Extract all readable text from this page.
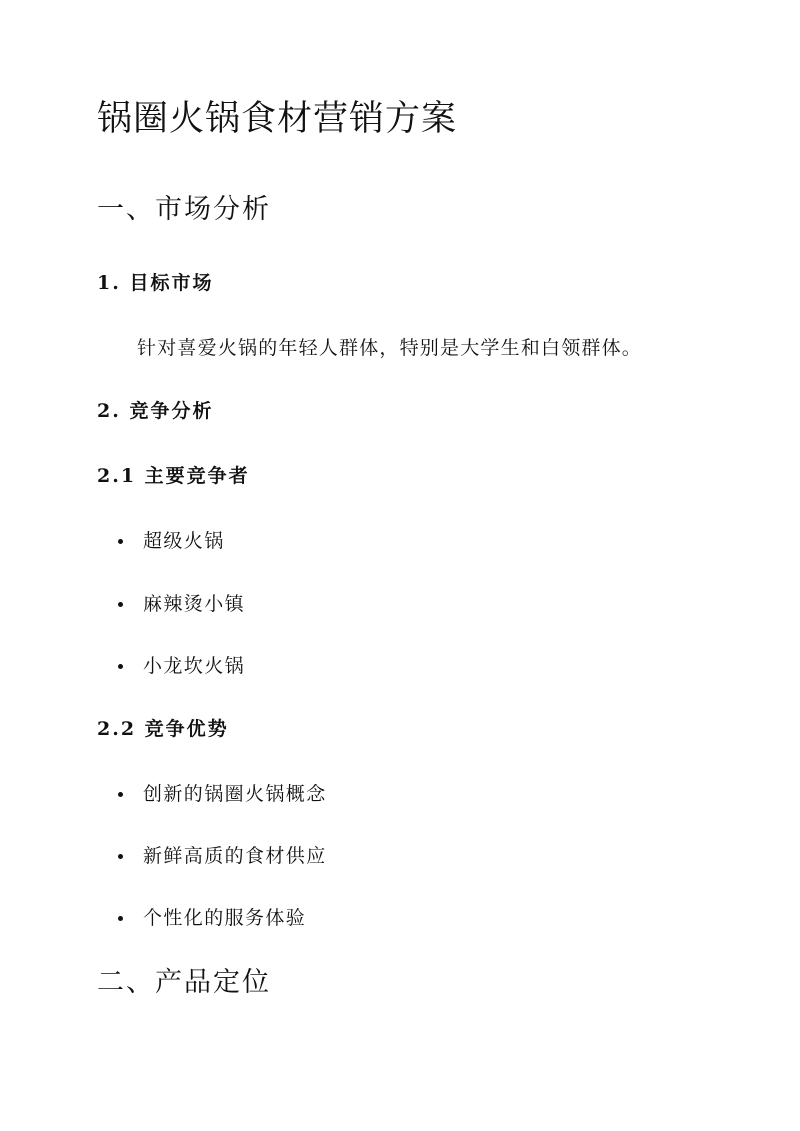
锅圈火锅食材营销方案
一、市场分析
1. 目标市场
针对喜爱火锅的年轻人群体，特别是大学生和白领群体。
2. 竞争分析
2.1 主要竞争者
超级火锅
麻辣烫小镇
小龙坎火锅
2.2 竞争优势
创新的锅圈火锅概念
新鲜高质的食材供应
个性化的服务体验
二、产品定位
